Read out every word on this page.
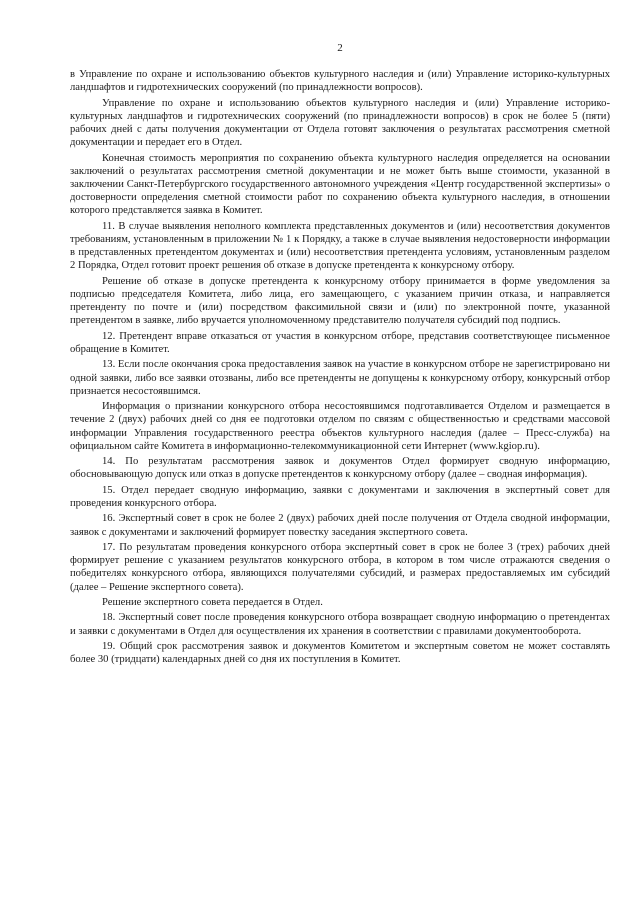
2

в Управление по охране и использованию объектов культурного наследия и (или) Управление историко-культурных ландшафтов и гидротехнических сооружений (по принадлежности вопросов).

Управление по охране и использованию объектов культурного наследия и (или) Управление историко-культурных ландшафтов и гидротехнических сооружений (по принадлежности вопросов) в срок не более 5 (пяти) рабочих дней с даты получения документации от Отдела готовят заключения о результатах рассмотрения сметной документации и передает его в Отдел.

Конечная стоимость мероприятия по сохранению объекта культурного наследия определяется на основании заключений о результатах рассмотрения сметной документации и не может быть выше стоимости, указанной в заключении Санкт-Петербургского государственного автономного учреждения «Центр государственной экспертизы» о достоверности определения сметной стоимости работ по сохранению объекта культурного наследия, в отношении которого представляется заявка в Комитет.

11. В случае выявления неполного комплекта представленных документов и (или) несоответствия документов требованиям, установленным в приложении № 1 к Порядку, а также в случае выявления недостоверности информации в представленных претендентом документах и (или) несоответствия претендента условиям, установленным разделом 2 Порядка, Отдел готовит проект решения об отказе в допуске претендента к конкурсному отбору.

Решение об отказе в допуске претендента к конкурсному отбору принимается в форме уведомления за подписью председателя Комитета, либо лица, его замещающего, с указанием причин отказа, и направляется претенденту по почте и (или) посредством факсимильной связи и (или) по электронной почте, указанной претендентом в заявке, либо вручается уполномоченному представителю получателя субсидий под подпись.

12. Претендент вправе отказаться от участия в конкурсном отборе, представив соответствующее письменное обращение в Комитет.

13. Если после окончания срока предоставления заявок на участие в конкурсном отборе не зарегистрировано ни одной заявки, либо все заявки отозваны, либо все претенденты не допущены к конкурсному отбору, конкурсный отбор признается несостоявшимся.

Информация о признании конкурсного отбора несостоявшимся подготавливается Отделом и размещается в течение 2 (двух) рабочих дней со дня ее подготовки отделом по связям с общественностью и средствами массовой информации Управления государственного реестра объектов культурного наследия (далее – Пресс-служба) на официальном сайте Комитета в информационно-телекоммуникационной сети Интернет (www.kgiop.ru).

14. По результатам рассмотрения заявок и документов Отдел формирует сводную информацию, обосновывающую допуск или отказ в допуске претендентов к конкурсному отбору (далее – сводная информация).

15. Отдел передает сводную информацию, заявки с документами и заключения в экспертный совет для проведения конкурсного отбора.

16. Экспертный совет в срок не более 2 (двух) рабочих дней после получения от Отдела сводной информации, заявок с документами и заключений формирует повестку заседания экспертного совета.

17. По результатам проведения конкурсного отбора экспертный совет в срок не более 3 (трех) рабочих дней формирует решение с указанием результатов конкурсного отбора, в котором в том числе отражаются сведения о победителях конкурсного отбора, являющихся получателями субсидий, и размерах предоставляемых им субсидий (далее – Решение экспертного совета).

Решение экспертного совета передается в Отдел.

18. Экспертный совет после проведения конкурсного отбора возвращает сводную информацию о претендентах и заявки с документами в Отдел для осуществления их хранения в соответствии с правилами документооборота.

19. Общий срок рассмотрения заявок и документов Комитетом и экспертным советом не может составлять более 30 (тридцати) календарных дней со дня их поступления в Комитет.
